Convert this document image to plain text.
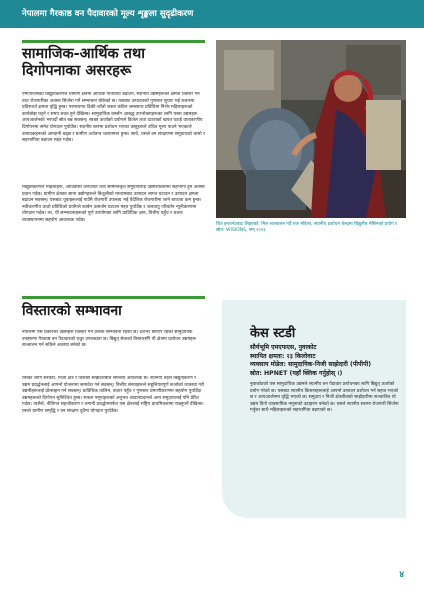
नेपालमा गैरकाष्ठ वन पैदावारको मूल्य शृङ्खला सुदृढीकरण
सामाजिक-आर्थिक तथा दिगोपनाका असरहरू

एमएफएसको बिद्युतीकरणले ग्रामीण क्षेत्रमा आर्थिक गतिविधि बढाउने, स्थानीय उद्यमहरूको क्षमता विस्तार गर्ने तथा रोजगारीका अवसर सिर्जना गर्ने सम्भावना बोकेको छ। यसबाट उत्पादनको गुणस्तर सुधार भई बजारमा प्रतिस्पर्धा क्षमता वृद्धि हुन्छ। परम्परागत ढिकी-जाँतो जस्ता कठिन श्रमसाध्य प्रविधिमा निर्भर महिलाहरूको कार्यबोझ घट्ने र समय बचत हुने देखिन्छ। सामुदायिक वनसँग आबद्ध उपभोक्ताहरूका लागि यस्ता उद्यमहरू आयआर्जनको भरपर्दो स्रोत बन्न सक्छन्। स्वच्छ ऊर्जाको प्रयोगले डिजेल तथा दाउराको खपत घटाई वातावरणीय दिगोपनमा समेत योगदान पुर्याउँछ। स्थानीय स्तरमा प्रशोधन भएका वस्तुहरूले उचित मूल्य पाउने भएकाले उत्पादकहरूको आम्दानी बढ्छ र ग्रामीण अर्थतन्त्र चलायमान हुन्छ। साथै, यसले वन संरक्षणमा समुदायको चासो र सहभागिता बढाउन मद्दत गर्दछ।

बिद्युतीकरणले महिलाहरू, आदिवासी जनजाति तथा सीमान्तकृत समुदायलाई उद्यमशीलतामा सहभागी हुने अवसर प्रदान गर्दछ। ग्रामीण क्षेत्रका साना उद्योगहरूले बिजुलीको माध्यमबाट उत्पादन लागत घटाउन र उत्पादन क्षमता बढाउन सक्छन्। यसबाट युवाहरूलाई गाउँमै रोजगारी उपलब्ध भई वैदेशिक रोजगारीमा जाने बाध्यता कम हुन्छ। नवीकरणीय ऊर्जा प्रविधिको प्रयोगले कार्बन उत्सर्जन घटाउन मद्दत पुर्याउँछ र जलवायु परिवर्तन न्यूनीकरणमा योगदान गर्दछ। तर, यी सम्भावनाहरूको पूर्ण उपयोगका लागि प्राविधिक ज्ञान, वित्तीय पहुँच र बजार व्यवस्थापनमा सहयोग आवश्यक पर्दछ।

चित्र इन्टरनेटबाट लिइएको: मिल सञ्चालन गर्दै एक महिला, स्थानीय प्रशोधन केन्द्रमा बिद्युतीय मेसिनको प्रयोग र स्रोत: WISIONS, सन् २०२३

विस्तारको सम्भावना

नेपालमा यस प्रकारका उद्यमहरू विस्तार गर्ने प्रशस्त सम्भावना रहेको छ। देशभर छरिएर रहेका सामुदायिक वनहरूमा गैरकाष्ठ वन पैदावारको प्रचुर उपलब्धता छ। बिद्युत् सेवाको विस्तारसँगै यी क्षेत्रमा प्रशोधन उद्यमहरू सञ्चालन गर्न सकिने अवस्था बनेको छ।

यसका लागि सरकार, निजी क्षेत्र र विकास साझेदारबीच समन्वय आवश्यक छ। स्थानीय तहले बिद्युतीकरण र उद्यम प्रवर्द्धनलाई आफ्नो योजनामा समावेश गर्न सक्छन्। वित्तीय संस्थाहरूले सहुलियतपूर्ण कर्जाको व्यवस्था गरी उद्यमीहरूलाई प्रोत्साहन गर्न सक्छन्। प्राविधिक तालिम, बजार पहुँच र गुणस्तर प्रमाणीकरणमा सहयोग पुर्याउँदा उद्यमहरूको दिगोपन सुनिश्चित हुन्छ। सफल नमूनाहरूको अनुभव आदानप्रदानले अन्य समुदायलाई पनि प्रेरित गर्दछ। त्यसैले, नीतिगत सहजीकरण र लगानी प्रवर्द्धनमार्फत यस क्षेत्रलाई राष्ट्रिय प्राथमिकतामा राख्नुपर्ने देखिन्छ। यसले ग्रामीण समृद्धि र वन संरक्षण दुवैमा योगदान पुर्याउँछ।

केस स्टडी
सौर्यभूमि एमएफएस, नुवाकोट
स्थापित क्षमता: २३ किलोवाट
व्यवसाय मोडेल: सामुदायिक-निजी साझेदारी (पीपीपी)
स्रोत: HPNET (यहाँ क्लिक गर्नुहोस् ।)

नुवाकोटको यस सामुदायिक उद्यमले स्थानीय वन पैदावार प्रशोधनका लागि बिद्युत् ऊर्जाको प्रयोग गरेको छ। यसबाट स्थानीय किसानहरूलाई आफ्नो उत्पादन प्रशोधन गर्न सहज भएको छ र आयआर्जनमा वृद्धि भएको छ। समुदाय र निजी क्षेत्रबीचको साझेदारीमा सञ्चालित यो उद्यम दिगो व्यवसायिक नमूनाको उदाहरण बनेको छ। यसले स्थानीय स्तरमा रोजगारी सिर्जना गर्नुका साथै महिलाहरूको सहभागिता बढाएको छ।

४
